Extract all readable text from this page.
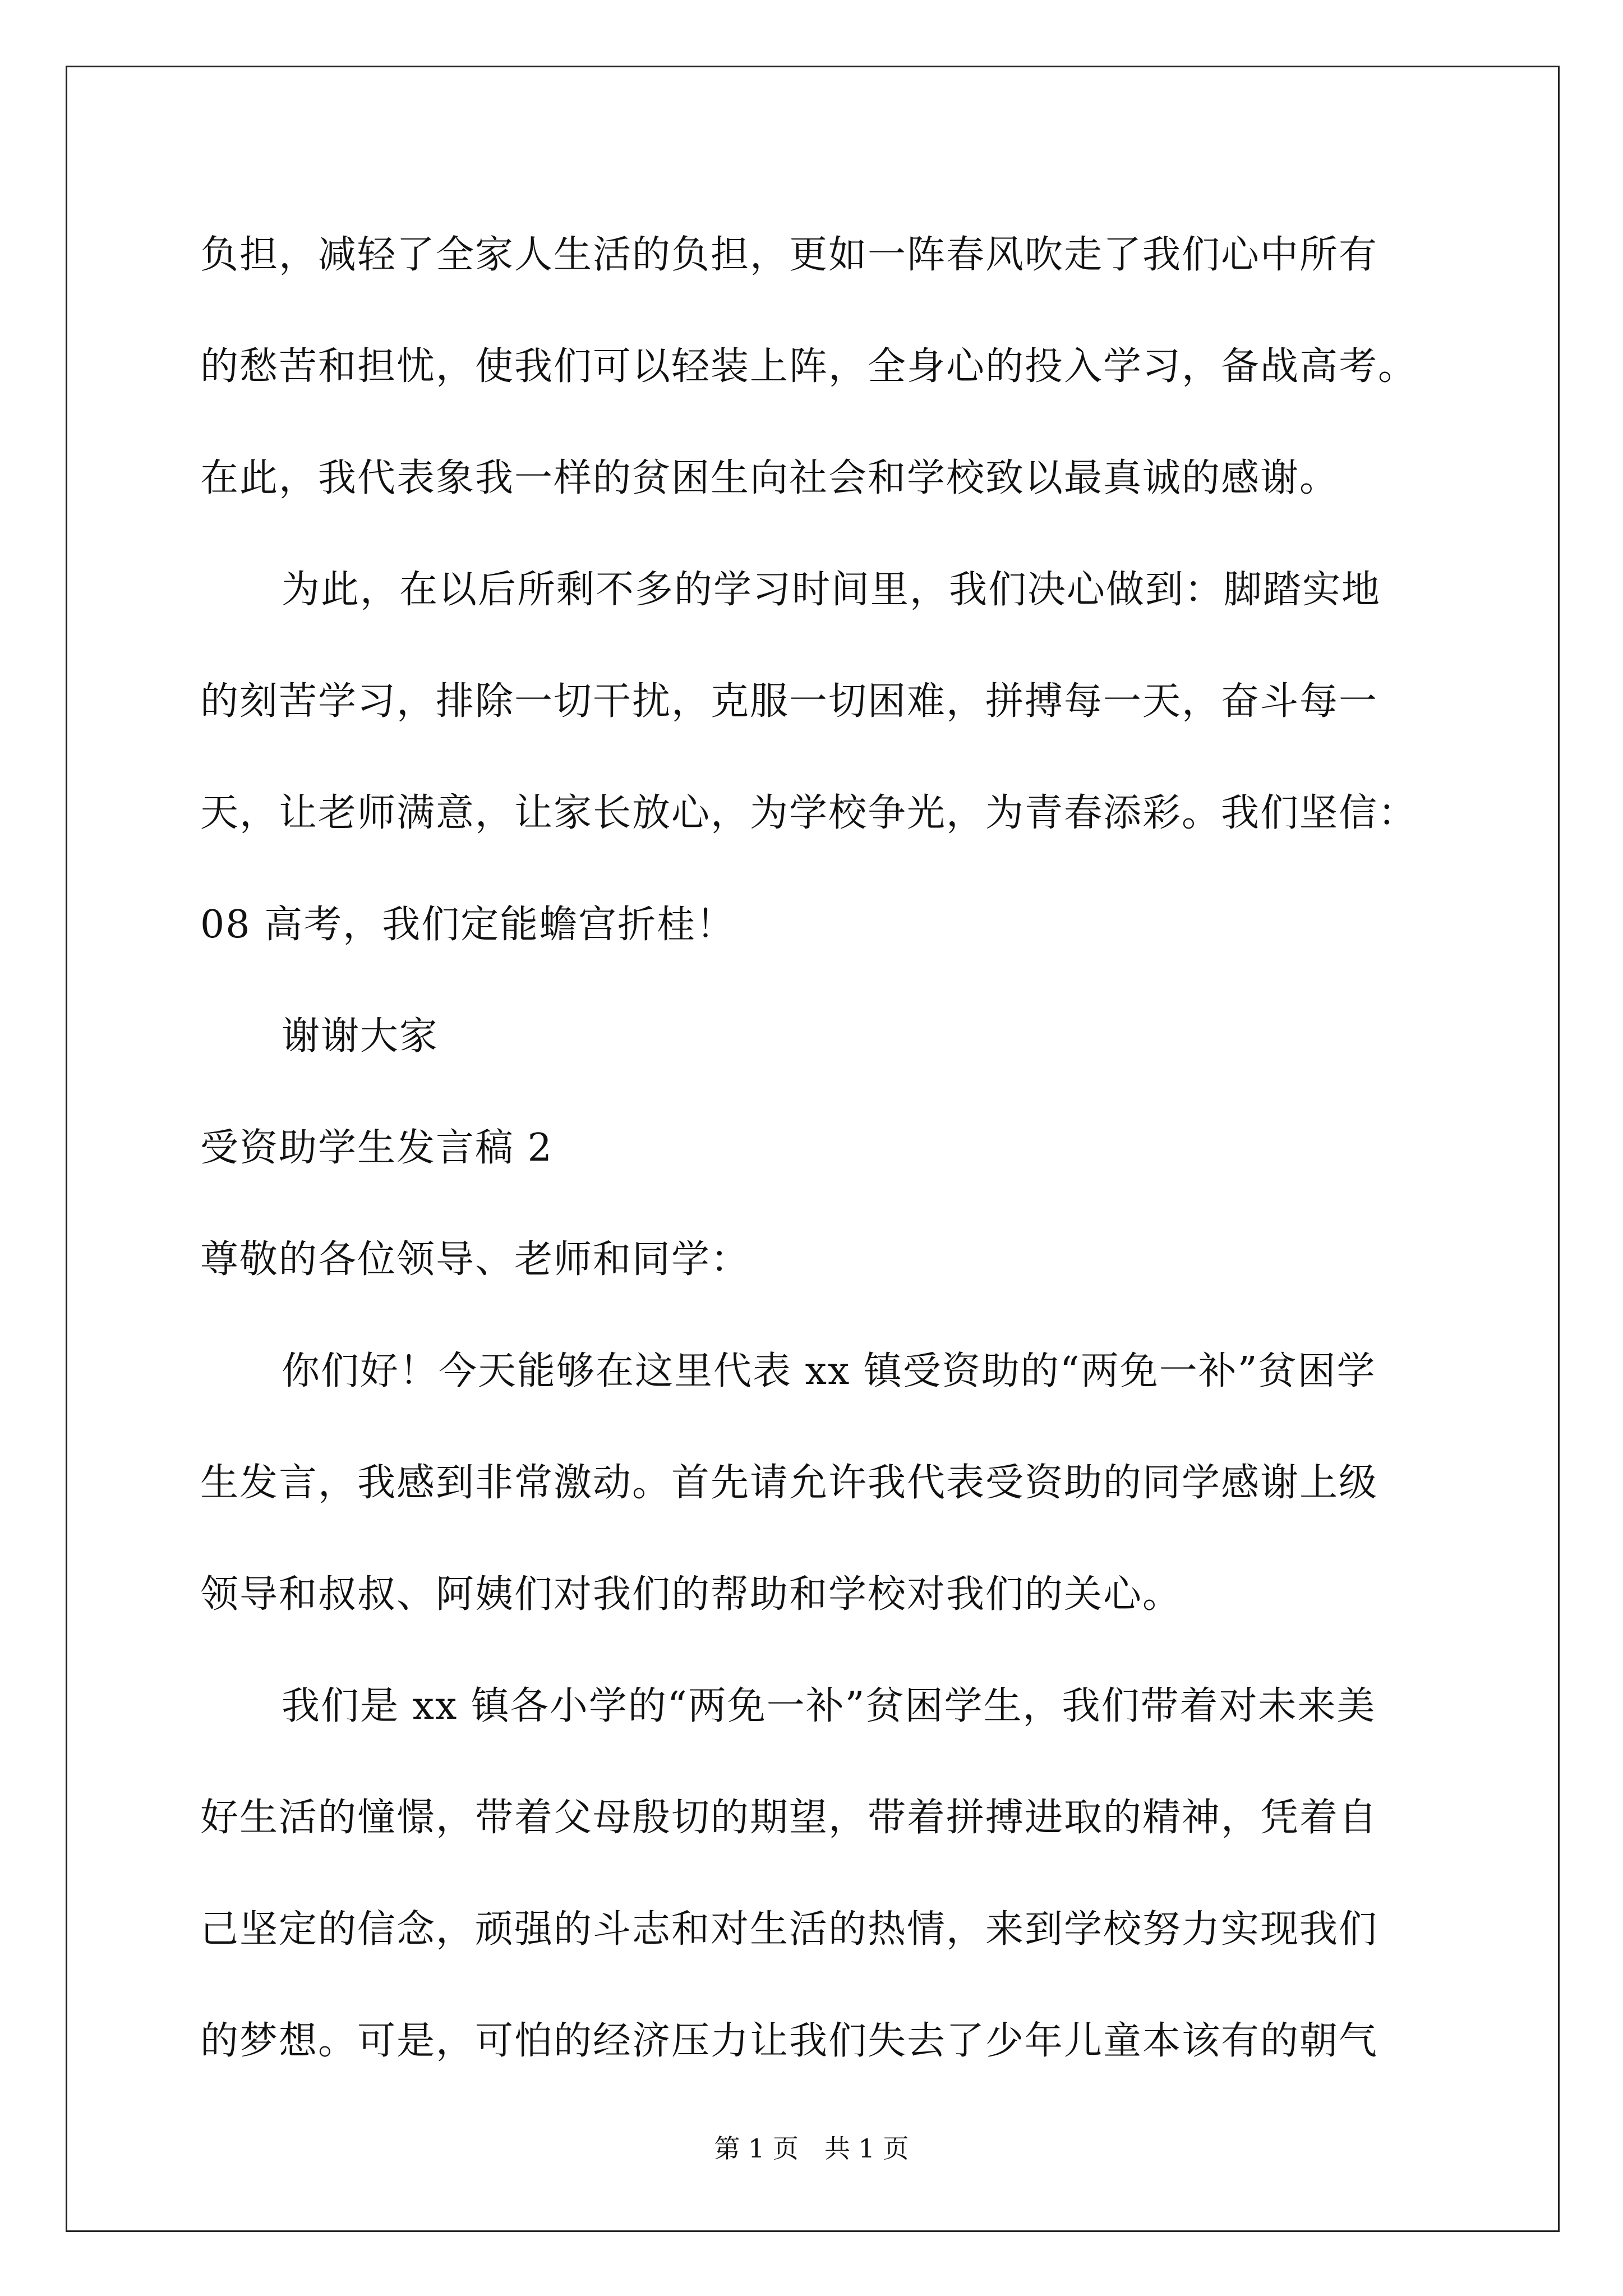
负担，减轻了全家人生活的负担，更如一阵春风吹走了我们心中所有
的愁苦和担忧，使我们可以轻装上阵，全身心的投入学习，备战高考。
在此，我代表象我一样的贫困生向社会和学校致以最真诚的感谢。
为此，在以后所剩不多的学习时间里，我们决心做到：脚踏实地
的刻苦学习，排除一切干扰，克服一切困难，拼搏每一天，奋斗每一
天，让老师满意，让家长放心，为学校争光，为青春添彩。我们坚信：
08 高考，我们定能蟾宫折桂！
谢谢大家
受资助学生发言稿 2
尊敬的各位领导、老师和同学：
你们好！今天能够在这里代表 xx 镇受资助的“两免一补”贫困学
生发言，我感到非常激动。首先请允许我代表受资助的同学感谢上级
领导和叔叔、阿姨们对我们的帮助和学校对我们的关心。
我们是 xx 镇各小学的“两免一补”贫困学生，我们带着对未来美
好生活的憧憬，带着父母殷切的期望，带着拼搏进取的精神，凭着自
己坚定的信念，顽强的斗志和对生活的热情，来到学校努力实现我们
的梦想。可是，可怕的经济压力让我们失去了少年儿童本该有的朝气
第 1 页　共 1 页
